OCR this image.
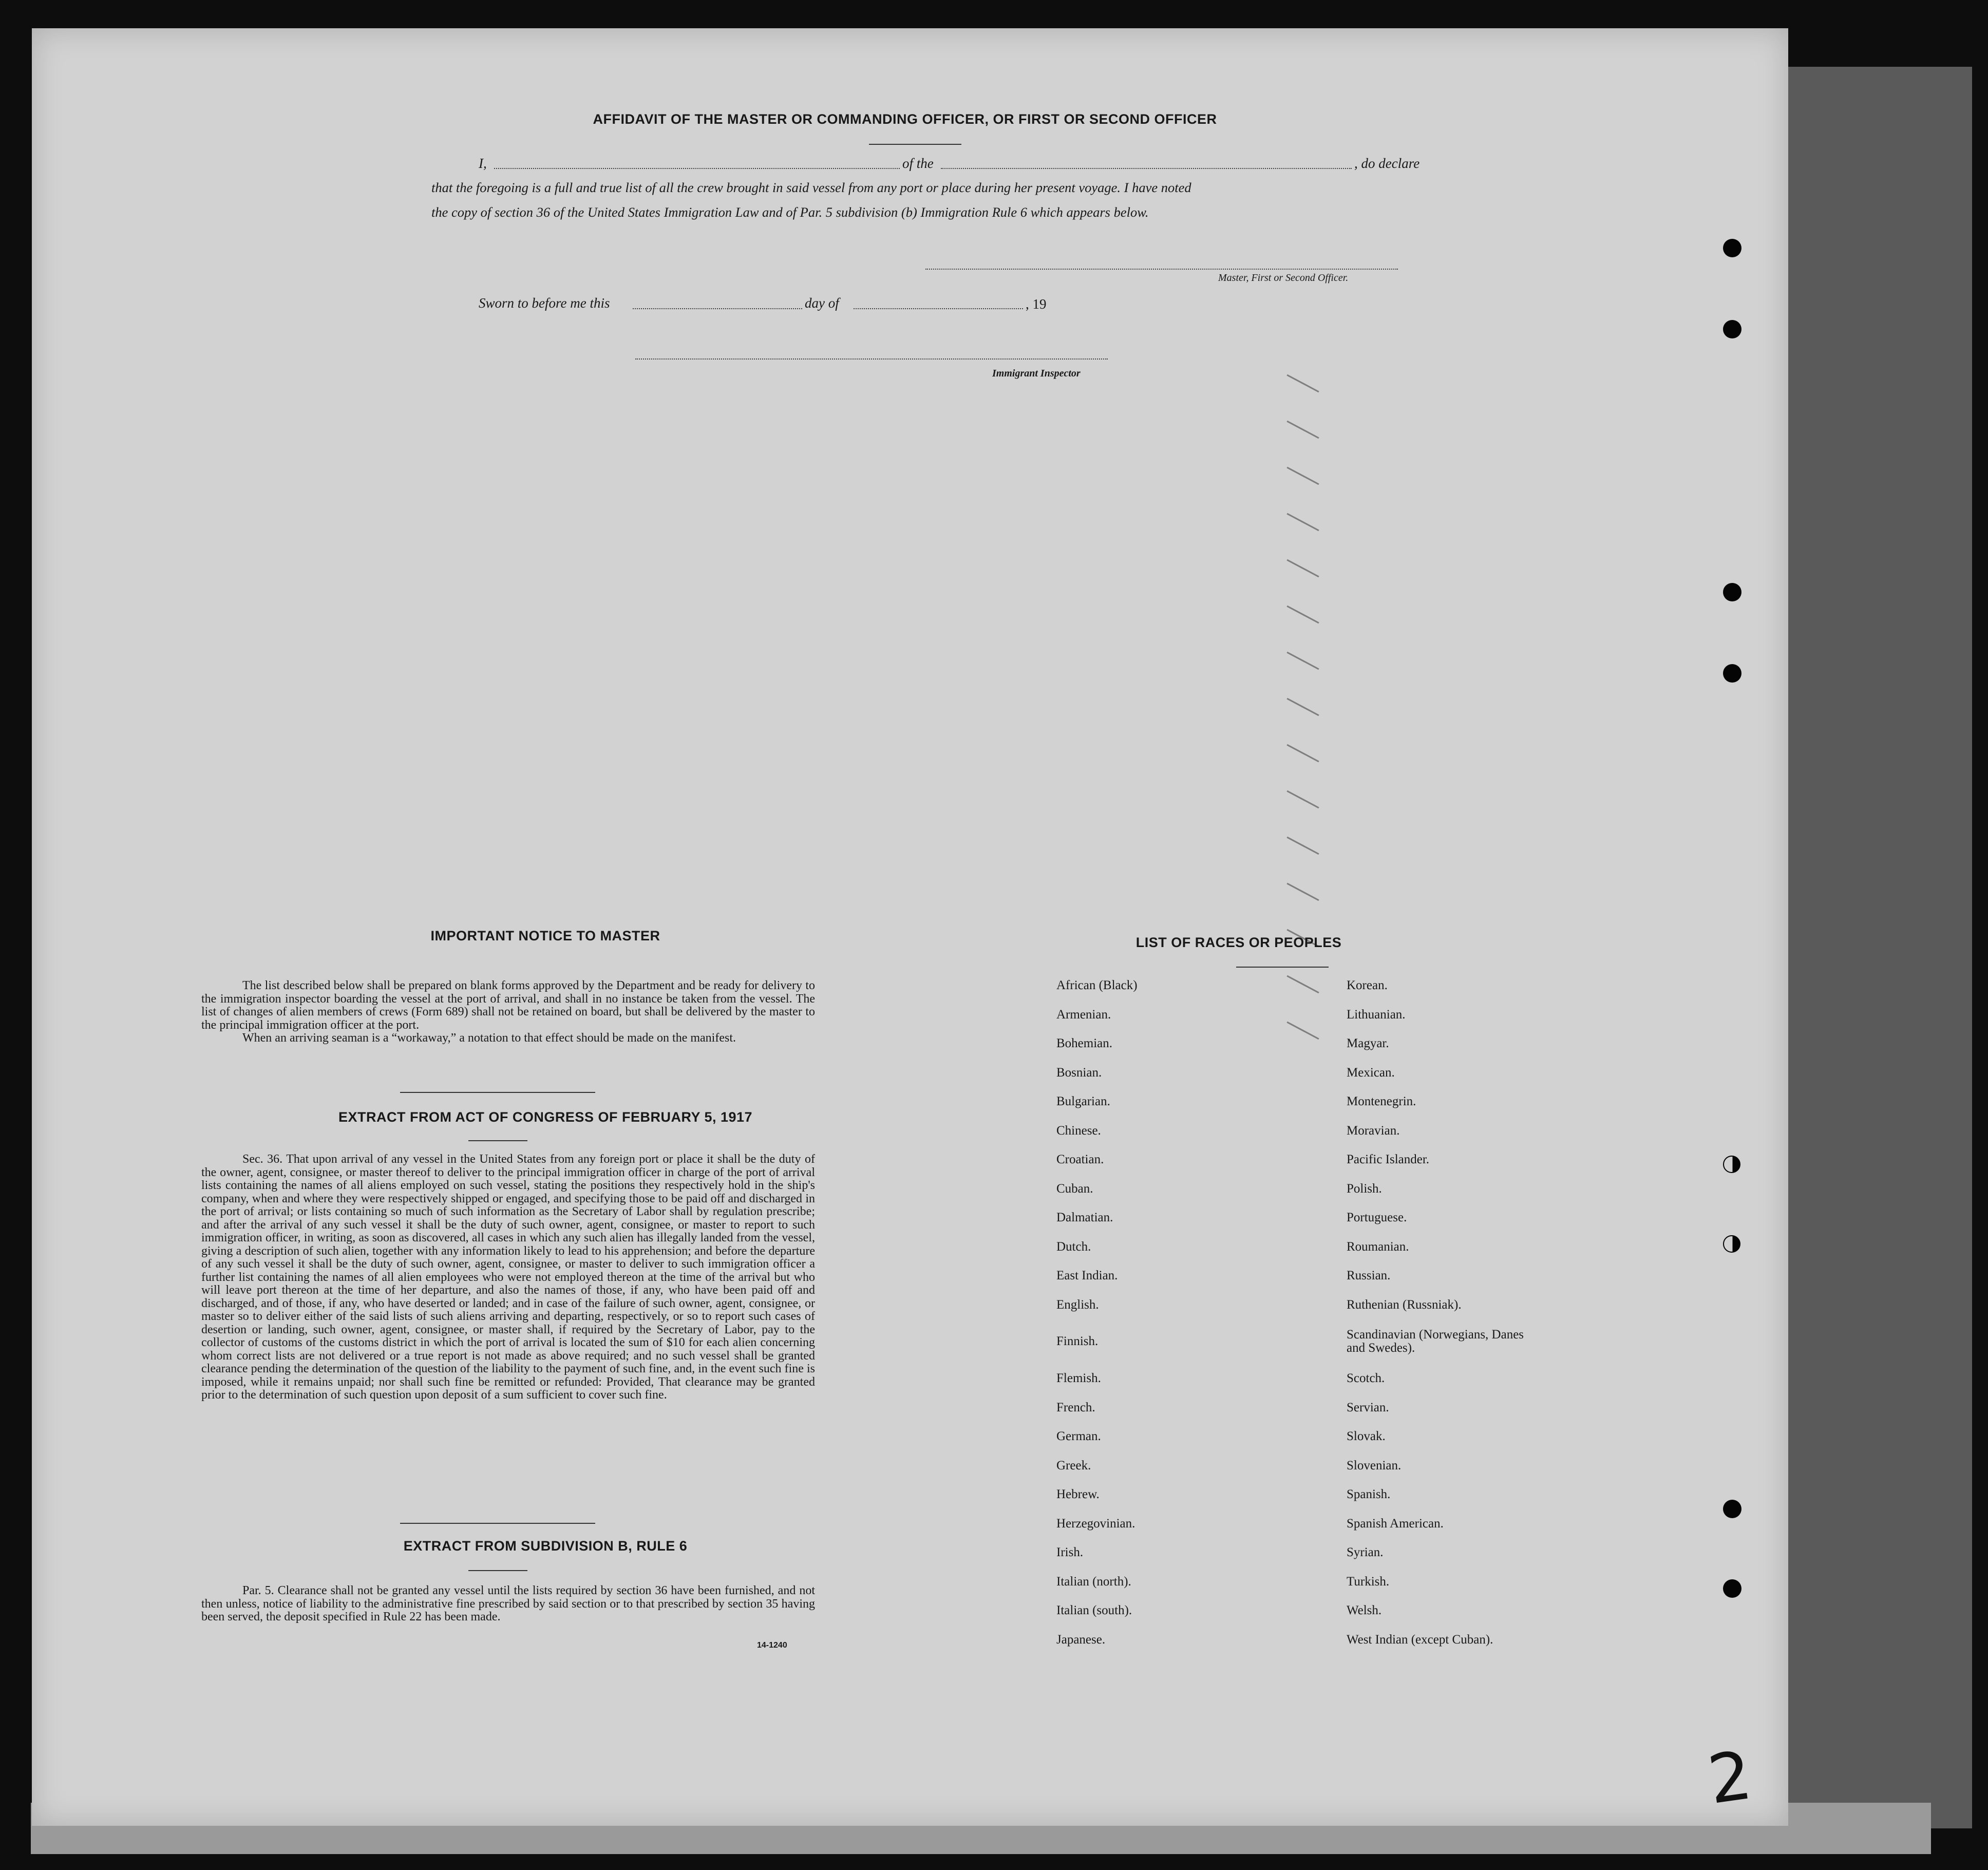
AFFIDAVIT OF THE MASTER OR COMMANDING OFFICER, OR FIRST OR SECOND OFFICER
I,	of the	, do declare
that the foregoing is a full and true list of all the crew brought in said vessel from any port or place during her present voyage. I have noted
the copy of section 36 of the United States Immigration Law and of Par. 5 subdivision (b) Immigration Rule 6 which appears below.
Master, First or Second Officer.
Sworn to before me this	day of	, 19
Immigrant Inspector
IMPORTANT NOTICE TO MASTER

The list described below shall be prepared on blank forms approved by the Department and be ready for delivery to the immigration inspector boarding the vessel at the port of arrival, and shall in no instance be taken from the vessel. The list of changes of alien members of crews (Form 689) shall not be retained on board, but shall be delivered by the master to the principal immigration officer at the port.

When an arriving seaman is a “workaway,” a notation to that effect should be made on the manifest.

EXTRACT FROM ACT OF CONGRESS OF FEBRUARY 5, 1917
Sec. 36. That upon arrival of any vessel in the United States from any foreign port or place it shall be the duty of the owner, agent, consignee, or master thereof to deliver to the principal immigration officer in charge of the port of arrival lists containing the names of all aliens employed on such vessel, stating the positions they respectively hold in the ship's company, when and where they were respectively shipped or engaged, and specifying those to be paid off and discharged in the port of arrival; or lists containing so much of such information as the Secretary of Labor shall by regulation prescribe; and after the arrival of any such vessel it shall be the duty of such owner, agent, consignee, or master to report to such immigration officer, in writing, as soon as discovered, all cases in which any such alien has illegally landed from the vessel, giving a description of such alien, together with any information likely to lead to his apprehension; and before the departure of any such vessel it shall be the duty of such owner, agent, consignee, or master to deliver to such immigration officer a further list containing the names of all alien employees who were not employed thereon at the time of the arrival but who will leave port thereon at the time of her departure, and also the names of those, if any, who have been paid off and discharged, and of those, if any, who have deserted or landed; and in case of the failure of such owner, agent, consignee, or master so to deliver either of the said lists of such aliens arriving and departing, respectively, or so to report such cases of desertion or landing, such owner, agent, consignee, or master shall, if required by the Secretary of Labor, pay to the collector of customs of the customs district in which the port of arrival is located the sum of $10 for each alien concerning whom correct lists are not delivered or a true report is not made as above required; and no such vessel shall be granted clearance pending the determination of the question of the liability to the payment of such fine, and, in the event such fine is imposed, while it remains unpaid; nor shall such fine be remitted or refunded: Provided, That clearance may be granted prior to the determination of such question upon deposit of a sum sufficient to cover such fine.
EXTRACT FROM SUBDIVISION B, RULE 6
Par. 5. Clearance shall not be granted any vessel until the lists required by section 36 have been furnished, and not then unless, notice of liability to the administrative fine prescribed by said section or to that prescribed by section 35 having been served, the deposit specified in Rule 22 has been made.
14-1240
LIST OF RACES OR PEOPLES
African (Black)
Armenian.
Bohemian.
Bosnian.
Bulgarian.
Chinese.
Croatian.
Cuban.
Dalmatian.
Dutch.
East Indian.
English.
Finnish.
Flemish.
French.
German.
Greek.
Hebrew.
Herzegovinian.
Irish.
Italian (north).
Italian (south).
Japanese.
Korean.
Lithuanian.
Magyar.
Mexican.
Montenegrin.
Moravian.
Pacific Islander.
Polish.
Portuguese.
Roumanian.
Russian.
Ruthenian (Russniak).
Scandinavian (Norwegians, Danes and Swedes).
Scotch.
Servian.
Slovak.
Slovenian.
Spanish.
Spanish American.
Syrian.
Turkish.
Welsh.
West Indian (except Cuban).
2
